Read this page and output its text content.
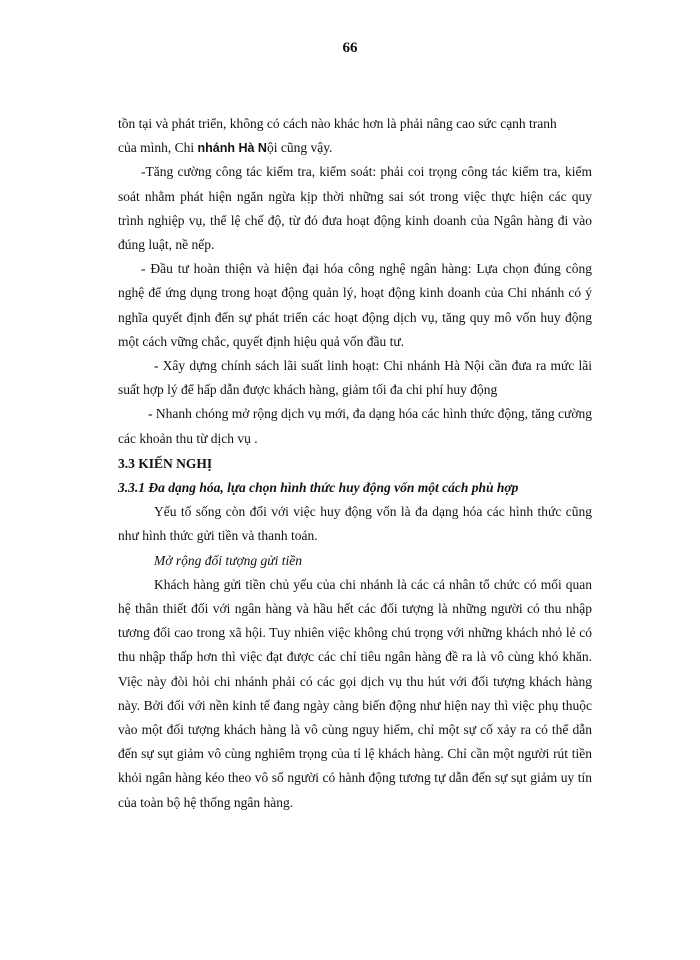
66

tồn tại và phát triển, không có cách nào khác hơn là phải nâng cao sức cạnh tranh

của mình, Chi nhánh Hà Nội cũng vậy.

-Tăng cường công tác kiểm tra, kiểm soát: phải coi trọng công tác kiểm tra, kiểm soát nhằm phát hiện ngăn ngừa kịp thời những sai sót trong việc thực hiện các quy trình nghiệp vụ, thể lệ chế độ, từ đó đưa hoạt động kinh doanh của Ngân hàng đi vào đúng luật, nề nếp.

- Đầu tư hoàn thiện và hiện đại hóa công nghệ ngân hàng: Lựa chọn đúng công nghệ để ứng dụng trong hoạt động quản lý, hoạt động kinh doanh của Chi nhánh có ý nghĩa quyết định đến sự phát triển các hoạt động dịch vụ, tăng quy mô vốn huy động một cách vững chắc, quyết định hiệu quả vốn đầu tư.

- Xây dựng chính sách lãi suất linh hoạt: Chi nhánh Hà Nội cần đưa ra mức lãi suất hợp lý để hấp dẫn được khách hàng, giảm tối đa chi phí huy động

- Nhanh chóng mở rộng dịch vụ mới, đa dạng hóa các hình thức động, tăng cường các khoản thu từ dịch vụ .

3.3 KIẾN NGHỊ

3.3.1 Đa dạng hóa, lựa chọn hình thức huy động vốn một cách phù hợp

Yếu tố sống còn đối với việc huy động vốn là đa dạng hóa các hình thức cũng như hình thức gửi tiền và thanh toán.

Mở rộng đối tượng gửi tiền

Khách hàng gửi tiền chủ yếu của chi nhánh là các cá nhân tổ chức có mối quan hệ thân thiết đối với ngân hàng và hầu hết các đối tượng là những người có thu nhập tương đối cao trong xã hội. Tuy nhiên việc không chú trọng với những khách nhỏ lẻ có thu nhập thấp hơn thì việc đạt được các chỉ tiêu ngân hàng đề ra là vô cùng khó khăn. Việc này đòi hỏi chi nhánh phải có các gọi dịch vụ thu hút với đối tượng khách hàng này. Bởi đối với nền kinh tế đang ngày càng biến động như hiện nay thì việc phụ thuộc vào một đối tượng khách hàng là vô cùng nguy hiểm, chỉ một sự cố xảy ra có thể dẫn đến sự sụt giảm vô cùng nghiêm trọng của tỉ lệ khách hàng. Chỉ cần một người rút tiền khỏi ngân hàng kéo theo vô số người có hành động tương tự dẫn đến sự sụt giảm uy tín của toàn bộ hệ thống ngân hàng.
